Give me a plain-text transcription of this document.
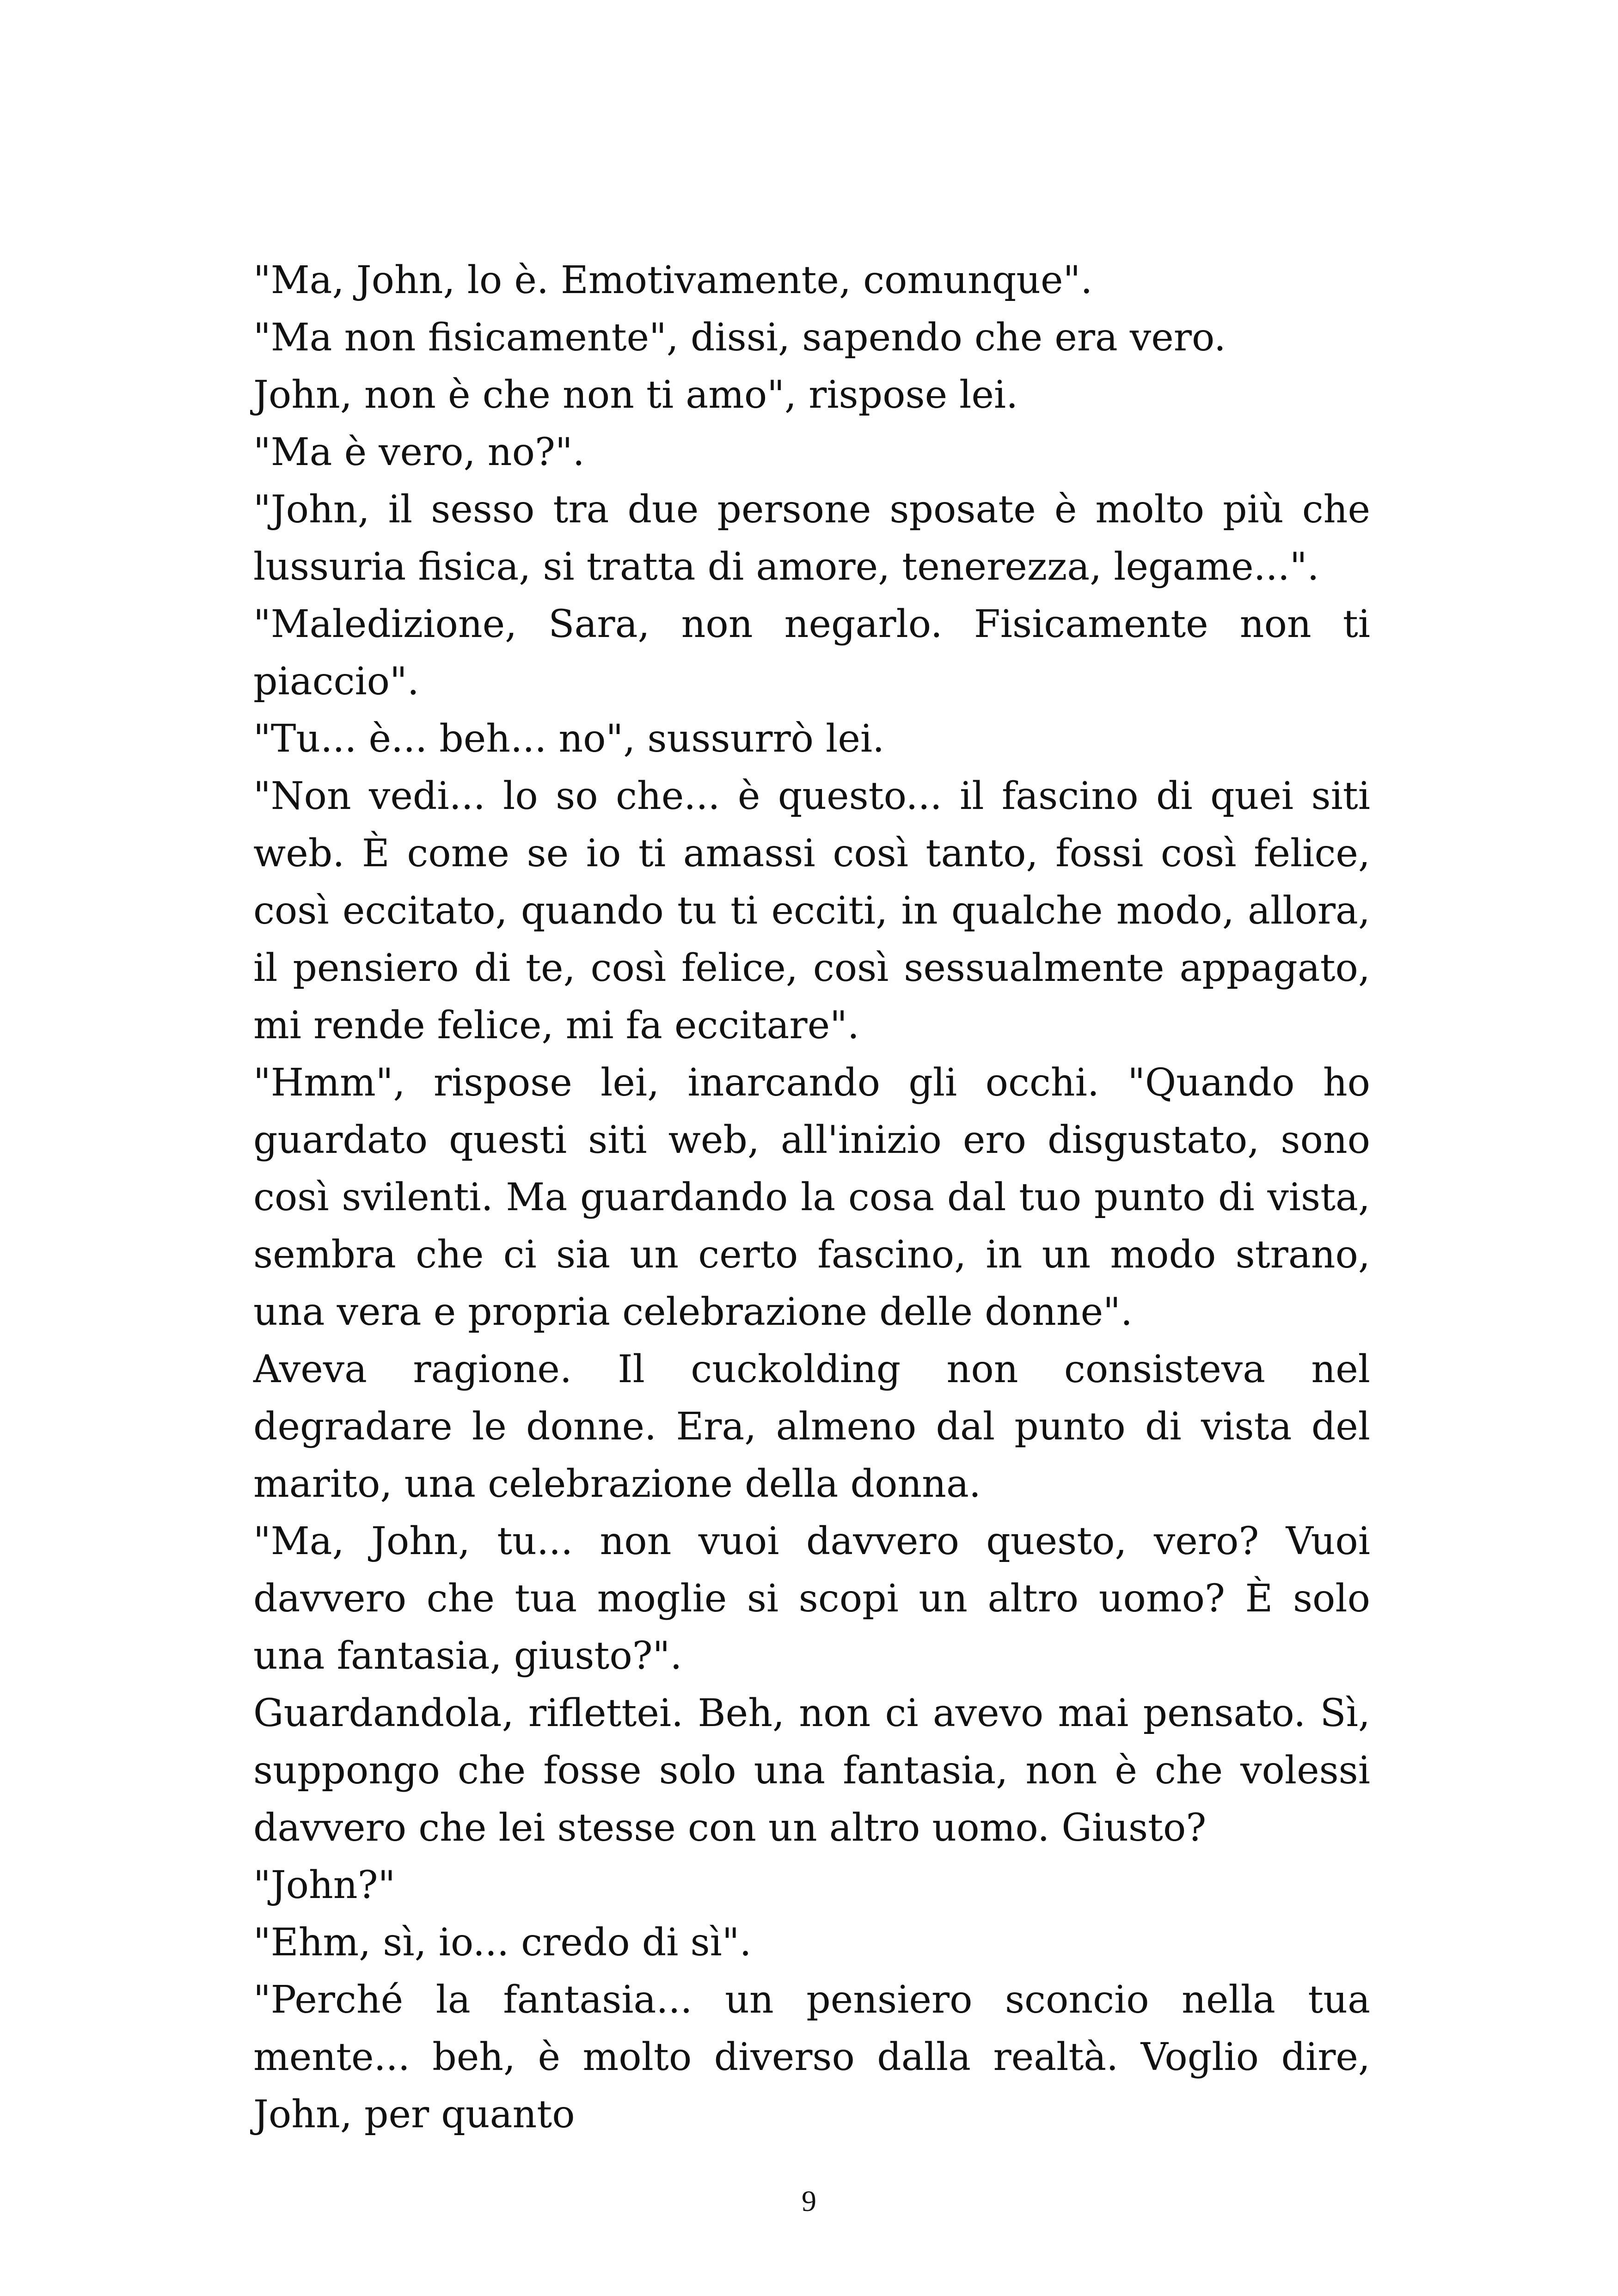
"Ma, John, lo è. Emotivamente, comunque".

"Ma non fisicamente", dissi, sapendo che era vero.

John, non è che non ti amo", rispose lei.

"Ma è vero, no?".

"John, il sesso tra due persone sposate è molto più che lussuria fisica, si tratta di amore, tenerezza, legame...".

"Maledizione, Sara, non negarlo. Fisicamente non ti piaccio".

"Tu... è... beh... no", sussurrò lei.

"Non vedi... lo so che... è questo... il fascino di quei siti web. È come se io ti amassi così tanto, fossi così felice, così eccitato, quando tu ti ecciti, in qualche modo, allora, il pensiero di te, così felice, così sessualmente appagato, mi rende felice, mi fa eccitare".

"Hmm", rispose lei, inarcando gli occhi. "Quando ho guardato questi siti web, all'inizio ero disgustato, sono così svilenti. Ma guardando la cosa dal tuo punto di vista, sembra che ci sia un certo fascino, in un modo strano, una vera e propria celebrazione delle donne".

Aveva ragione. Il cuckolding non consisteva nel degradare le donne. Era, almeno dal punto di vista del marito, una celebrazione della donna.

"Ma, John, tu... non vuoi davvero questo, vero? Vuoi davvero che tua moglie si scopi un altro uomo? È solo una fantasia, giusto?".

Guardandola, riflettei. Beh, non ci avevo mai pensato. Sì, suppongo che fosse solo una fantasia, non è che volessi davvero che lei stesse con un altro uomo. Giusto?

"John?"

"Ehm, sì, io... credo di sì".

"Perché la fantasia... un pensiero sconcio nella tua mente... beh, è molto diverso dalla realtà. Voglio dire, John, per quanto

9
